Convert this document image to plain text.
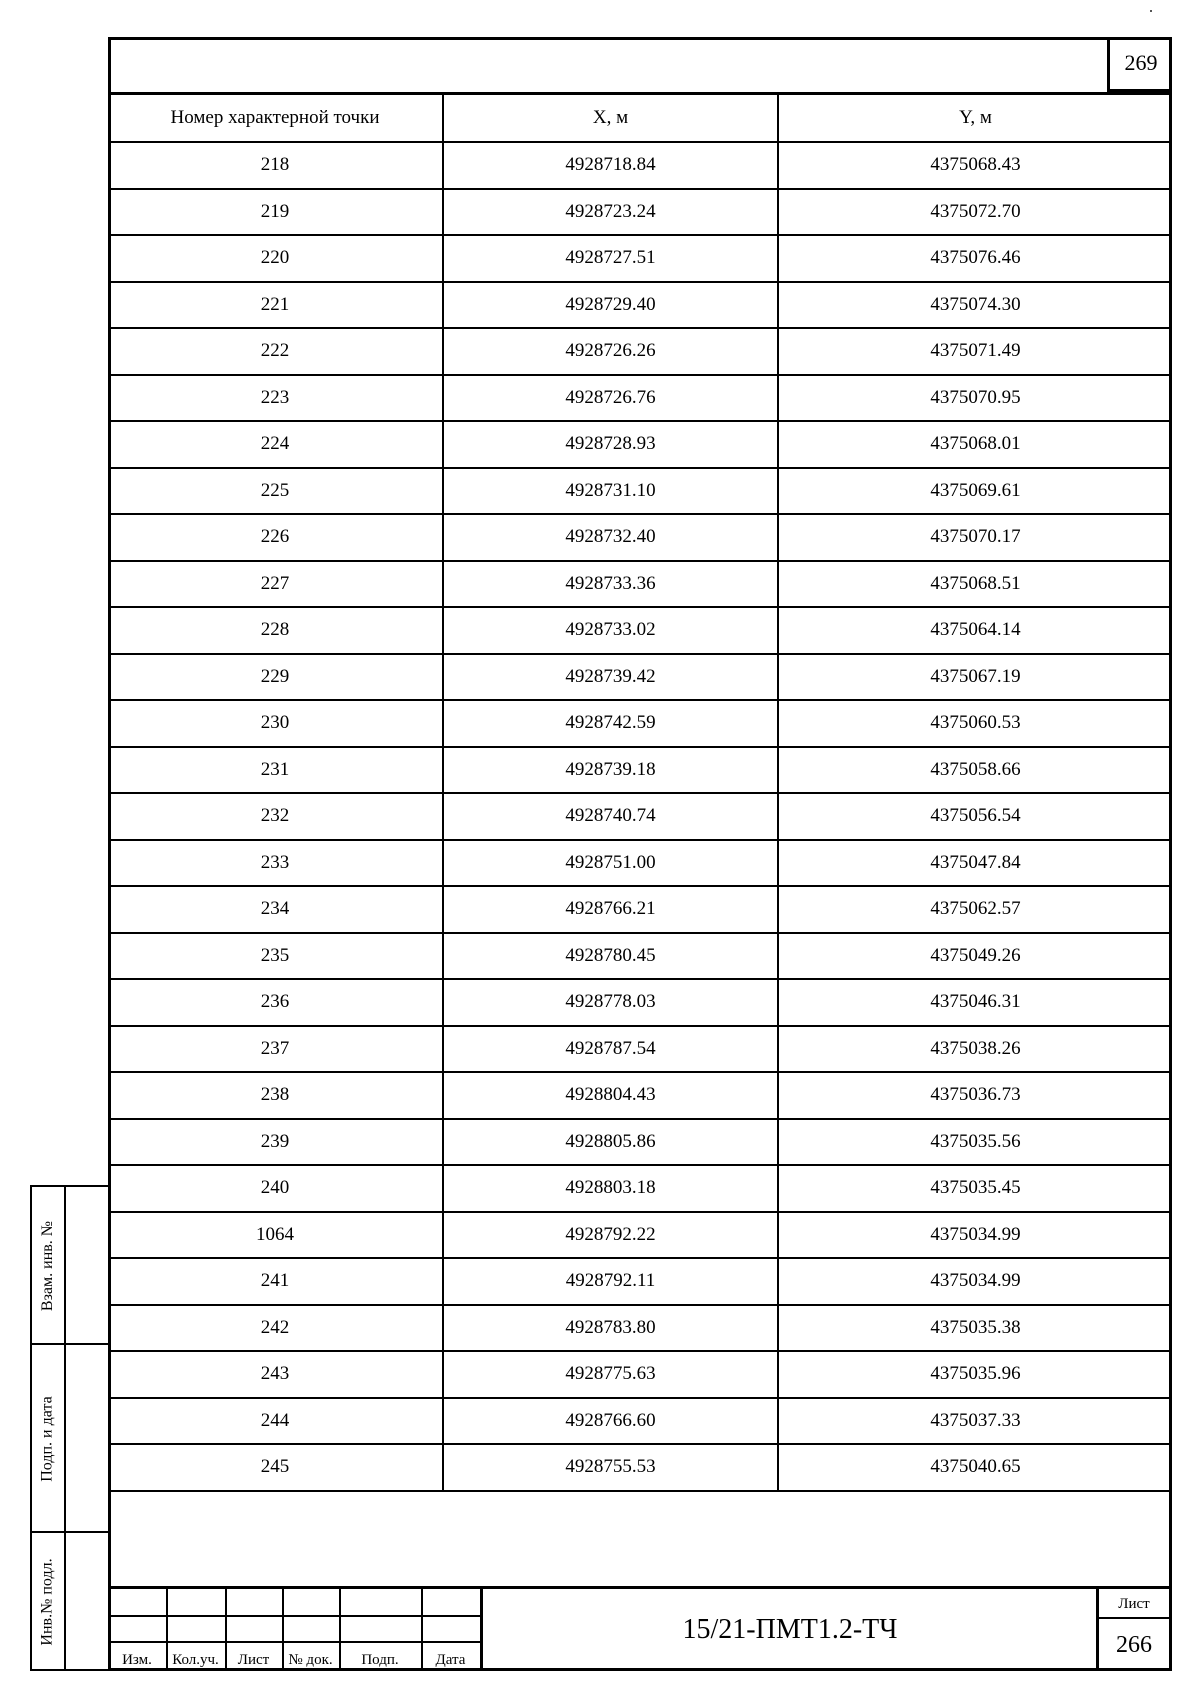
269
Номер характерной точки	X, м	Y, м
218	4928718.84	4375068.43
219	4928723.24	4375072.70
220	4928727.51	4375076.46
221	4928729.40	4375074.30
222	4928726.26	4375071.49
223	4928726.76	4375070.95
224	4928728.93	4375068.01
225	4928731.10	4375069.61
226	4928732.40	4375070.17
227	4928733.36	4375068.51
228	4928733.02	4375064.14
229	4928739.42	4375067.19
230	4928742.59	4375060.53
231	4928739.18	4375058.66
232	4928740.74	4375056.54
233	4928751.00	4375047.84
234	4928766.21	4375062.57
235	4928780.45	4375049.26
236	4928778.03	4375046.31
237	4928787.54	4375038.26
238	4928804.43	4375036.73
239	4928805.86	4375035.56
240	4928803.18	4375035.45
1064	4928792.22	4375034.99
241	4928792.11	4375034.99
242	4928783.80	4375035.38
243	4928775.63	4375035.96
244	4928766.60	4375037.33
245	4928755.53	4375040.65
Взам. инв. №
Подп. и дата
Инв.№ подл.
Изм.	Кол.уч.	Лист	№ док.	Подп.	Дата
15/21-ПМТ1.2-ТЧ
Лист
266
